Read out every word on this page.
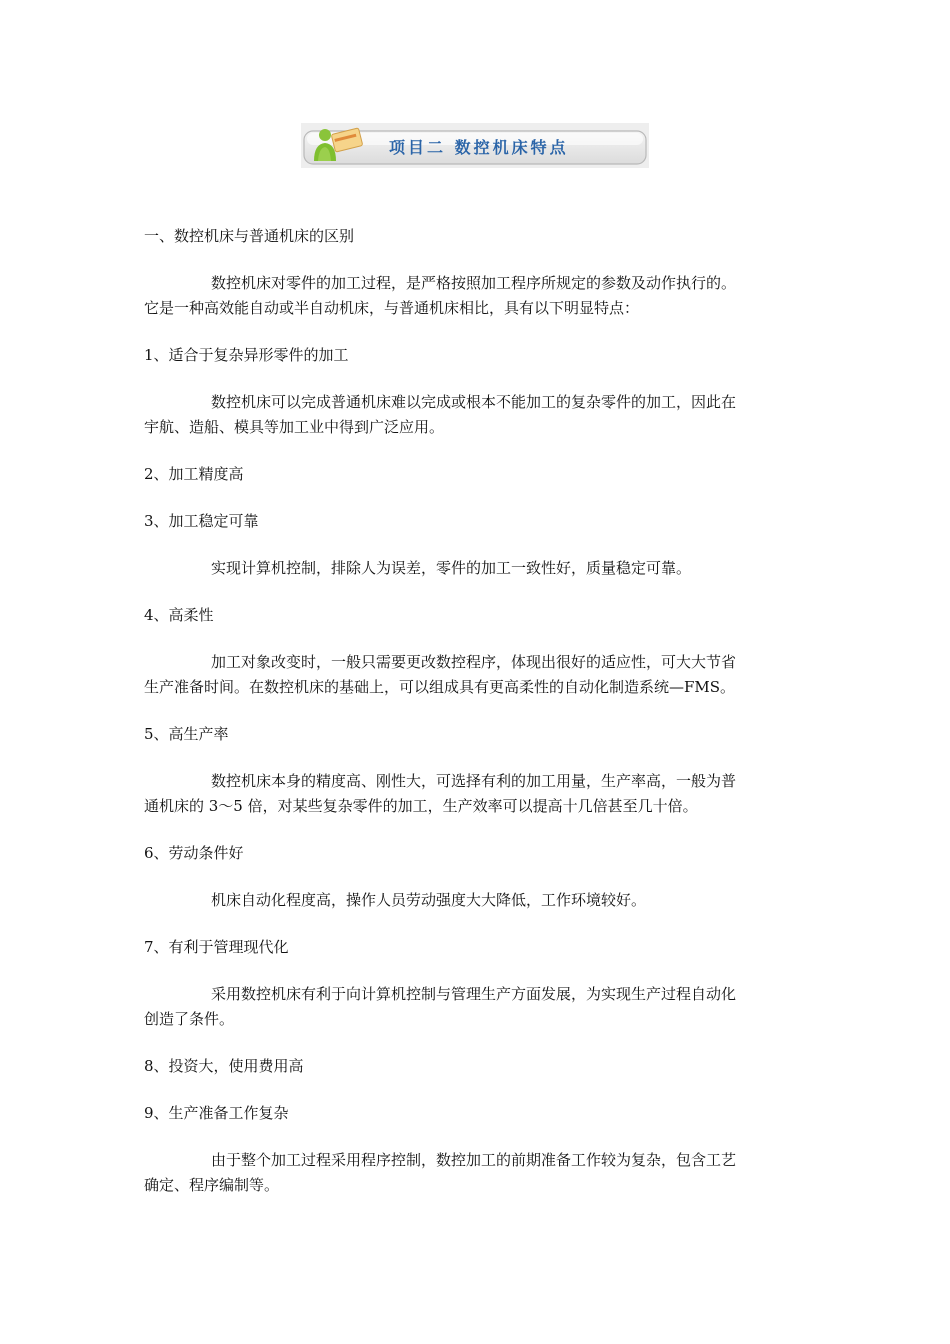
项目二 数控机床特点

一、数控机床与普通机床的区别

数控机床对零件的加工过程，是严格按照加工程序所规定的参数及动作执行的。

它是一种高效能自动或半自动机床，与普通机床相比，具有以下明显特点：

1、适合于复杂异形零件的加工

数控机床可以完成普通机床难以完成或根本不能加工的复杂零件的加工，因此在

宇航、造船、模具等加工业中得到广泛应用。

2、加工精度高

3、加工稳定可靠

实现计算机控制，排除人为误差，零件的加工一致性好，质量稳定可靠。

4、高柔性

加工对象改变时，一般只需要更改数控程序，体现出很好的适应性，可大大节省

生产准备时间。在数控机床的基础上，可以组成具有更高柔性的自动化制造系统—FMS。

5、高生产率

数控机床本身的精度高、刚性大，可选择有利的加工用量，生产率高，一般为普

通机床的 3～5 倍，对某些复杂零件的加工，生产效率可以提高十几倍甚至几十倍。

6、劳动条件好

机床自动化程度高，操作人员劳动强度大大降低，工作环境较好。

7、有利于管理现代化

采用数控机床有利于向计算机控制与管理生产方面发展，为实现生产过程自动化

创造了条件。

8、投资大，使用费用高

9、生产准备工作复杂

由于整个加工过程采用程序控制，数控加工的前期准备工作较为复杂，包含工艺

确定、程序编制等。
